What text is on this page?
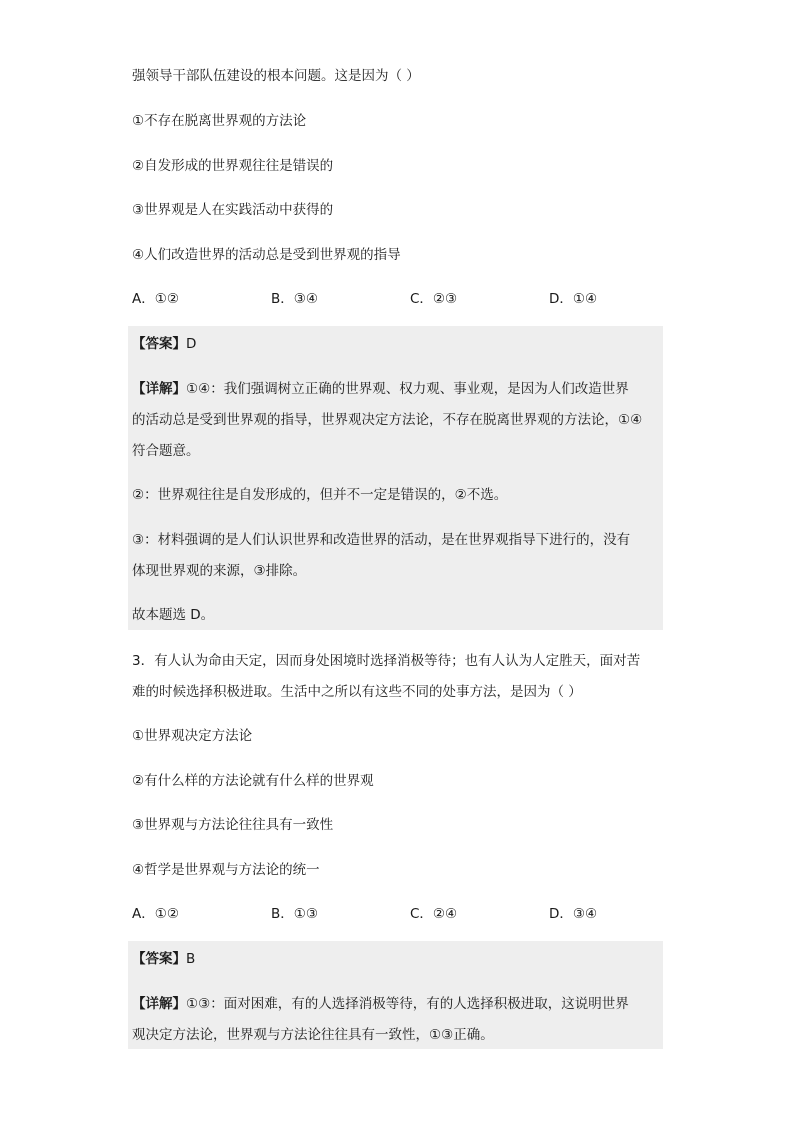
强领导干部队伍建设的根本问题。这是因为（ ）
①不存在脱离世界观的方法论
②自发形成的世界观往往是错误的
③世界观是人在实践活动中获得的
④人们改造世界的活动总是受到世界观的指导
A．①②	B．③④	C．②③	D．①④
【答案】D
【详解】①④：我们强调树立正确的世界观、权力观、事业观，是因为人们改造世界
的活动总是受到世界观的指导，世界观决定方法论，不存在脱离世界观的方法论，①④
符合题意。
②：世界观往往是自发形成的，但并不一定是错误的，②不选。
③：材料强调的是人们认识世界和改造世界的活动，是在世界观指导下进行的，没有
体现世界观的来源，③排除。
故本题选 D。
3．有人认为命由天定，因而身处困境时选择消极等待；也有人认为人定胜天，面对苦
难的时候选择积极进取。生活中之所以有这些不同的处事方法，是因为（ ）
①世界观决定方法论
②有什么样的方法论就有什么样的世界观
③世界观与方法论往往具有一致性
④哲学是世界观与方法论的统一
A．①②	B．①③	C．②④	D．③④
【答案】B
【详解】①③：面对困难，有的人选择消极等待，有的人选择积极进取，这说明世界
观决定方法论，世界观与方法论往往具有一致性，①③正确。
